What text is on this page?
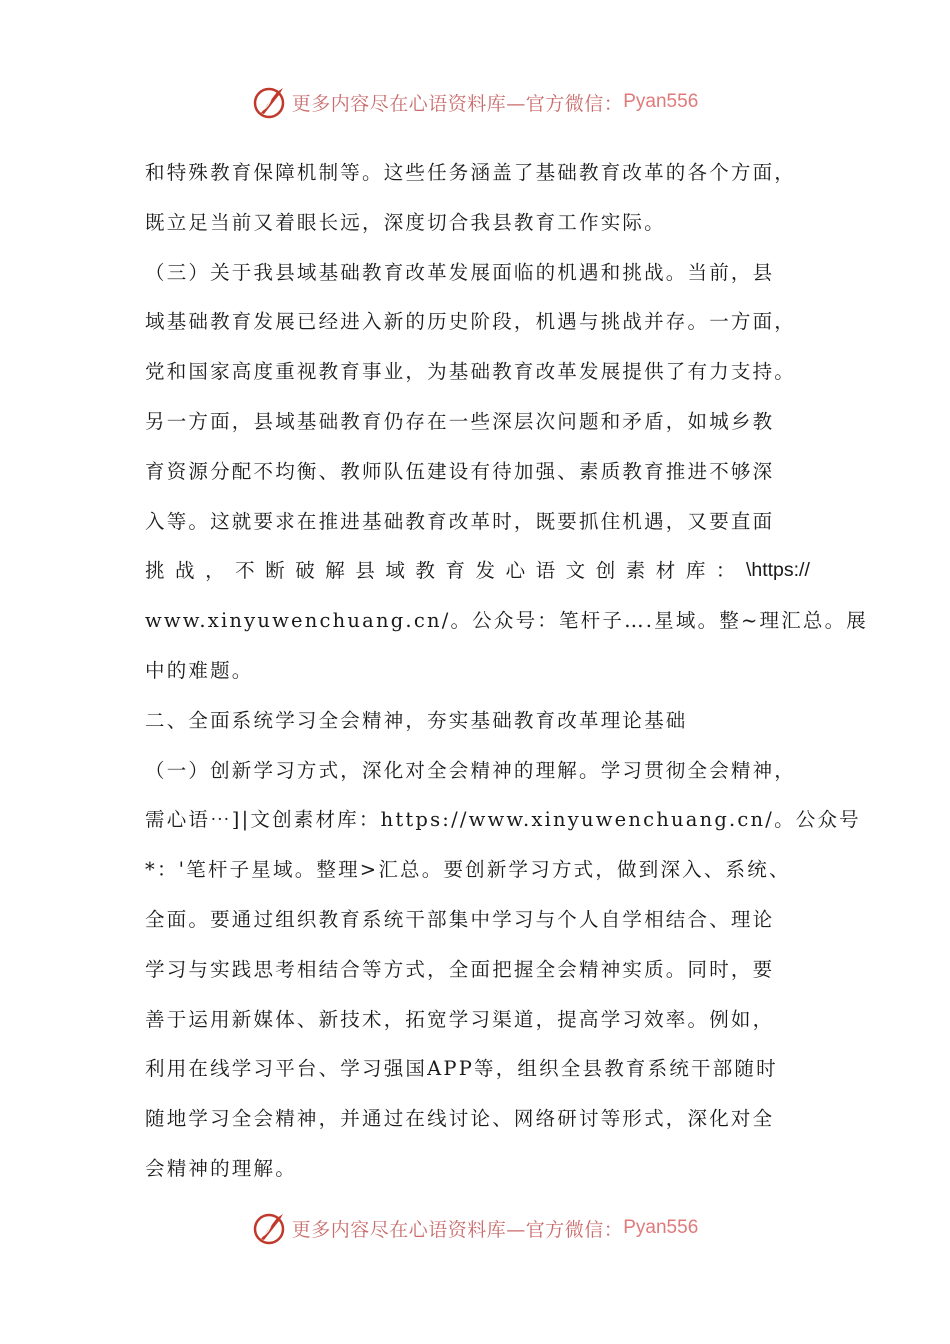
更多内容尽在心语资料库—官方微信： Pyan556
和特殊教育保障机制等。这些任务涵盖了基础教育改革的各个方面，
既立足当前又着眼长远，深度切合我县教育工作实际。
（三）关于我县域基础教育改革发展面临的机遇和挑战。当前，县
域基础教育发展已经进入新的历史阶段，机遇与挑战并存。一方面，
党和国家高度重视教育事业，为基础教育改革发展提供了有力支持。
另一方面，县域基础教育仍存在一些深层次问题和矛盾，如城乡教
育资源分配不均衡、教师队伍建设有待加强、素质教育推进不够深
入等。这就要求在推进基础教育改革时，既要抓住机遇，又要直面
挑 战 ， 不 断 破 解 县 域 教 育 发 心 语 文 创 素 材 库 ： \https://
www.xinyuwenchuang.cn/。公众号：笔杆子….星域。整~理汇总。展
中的难题。
二、全面系统学习全会精神，夯实基础教育改革理论基础
（一）创新学习方式，深化对全会精神的理解。学习贯彻全会精神，
需心语⋯]|文创素材库：https://www.xinyuwenchuang.cn/。公众号
*：'笔杆子星域。整理>汇总。要创新学习方式，做到深入、系统、
全面。要通过组织教育系统干部集中学习与个人自学相结合、理论
学习与实践思考相结合等方式，全面把握全会精神实质。同时，要
善于运用新媒体、新技术，拓宽学习渠道，提高学习效率。例如，
利用在线学习平台、学习强国APP等，组织全县教育系统干部随时
随地学习全会精神，并通过在线讨论、网络研讨等形式，深化对全
会精神的理解。
更多内容尽在心语资料库—官方微信： Pyan556
